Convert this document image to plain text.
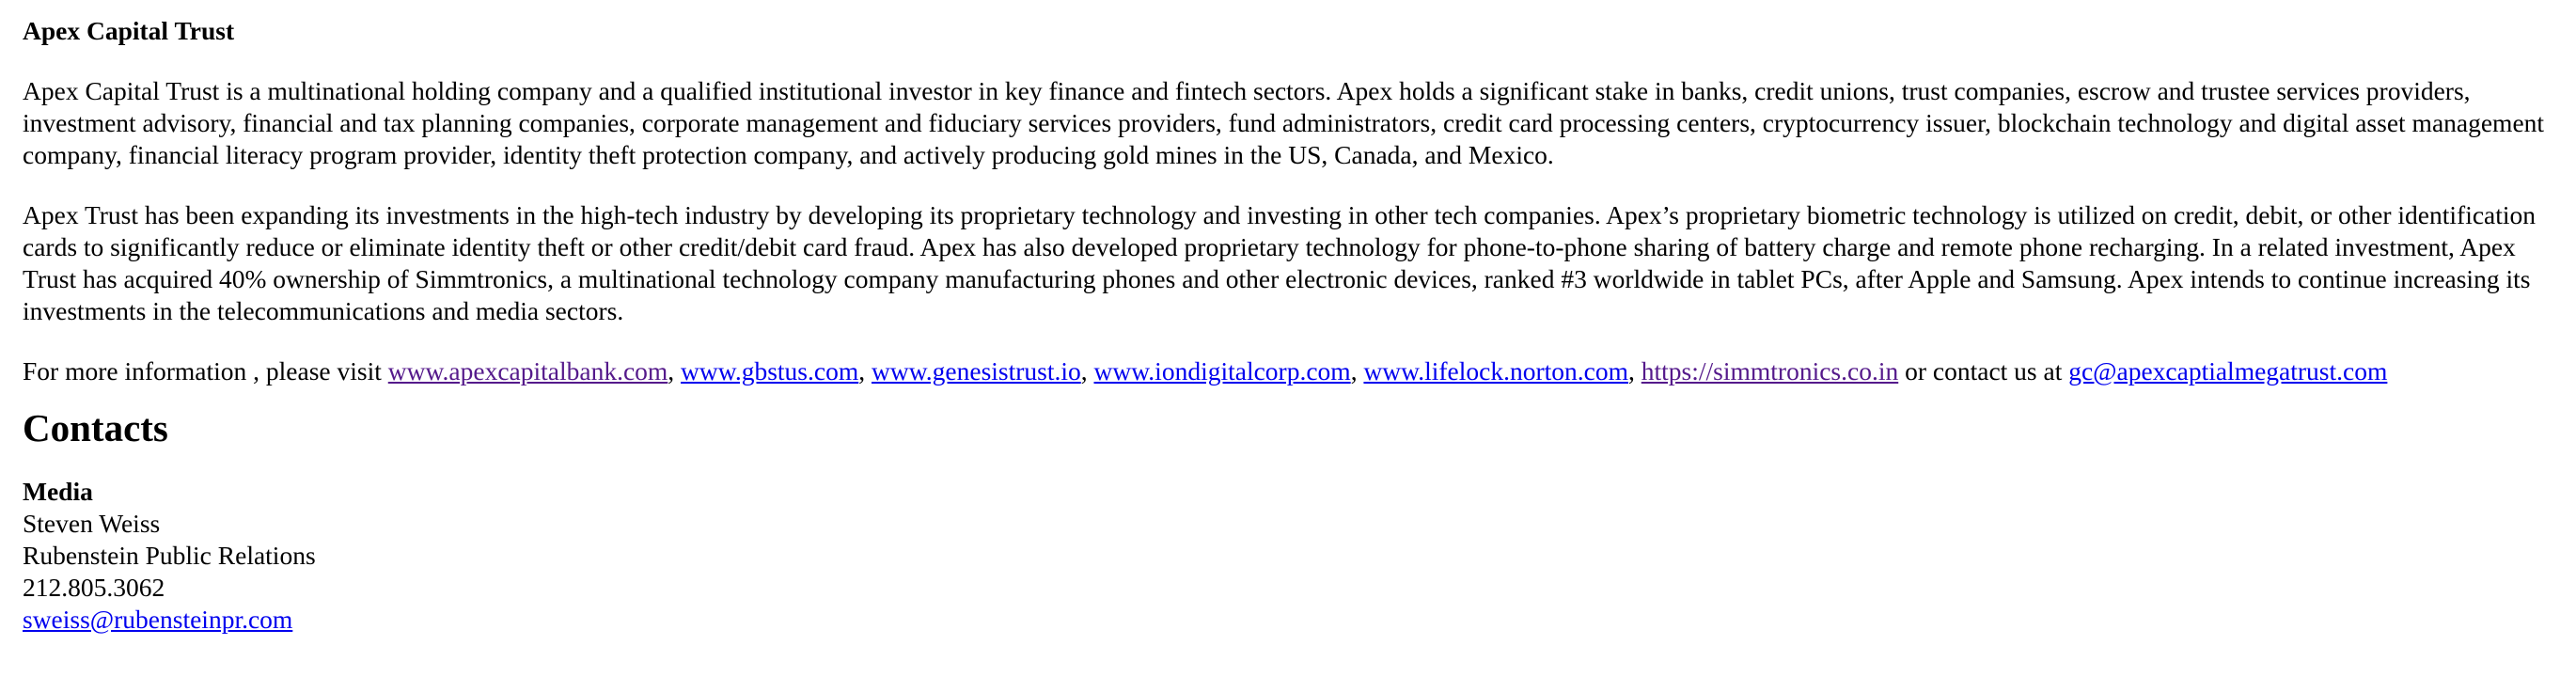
Apex Capital Trust

Apex Capital Trust is a multinational holding company and a qualified institutional investor in key finance and fintech sectors. Apex holds a significant stake in banks, credit unions, trust companies, escrow and trustee services providers, investment advisory, financial and tax planning companies, corporate management and fiduciary services providers, fund administrators, credit card processing centers, cryptocurrency issuer, blockchain technology and digital asset management company, financial literacy program provider, identity theft protection company, and actively producing gold mines in the US, Canada, and Mexico.

Apex Trust has been expanding its investments in the high-tech industry by developing its proprietary technology and investing in other tech companies. Apex’s proprietary biometric technology is utilized on credit, debit, or other identification cards to significantly reduce or eliminate identity theft or other credit/debit card fraud. Apex has also developed proprietary technology for phone-to-phone sharing of battery charge and remote phone recharging. In a related investment, Apex Trust has acquired 40% ownership of Simmtronics, a multinational technology company manufacturing phones and other electronic devices, ranked #3 worldwide in tablet PCs, after Apple and Samsung. Apex intends to continue increasing its investments in the telecommunications and media sectors.

For more information , please visit www.apexcapitalbank.com, www.gbstus.com, www.genesistrust.io, www.iondigitalcorp.com, www.lifelock.norton.com, https://simmtronics.co.in or contact us at gc@apexcaptialmegatrust.com

Contacts
Media
Steven Weiss
Rubenstein Public Relations
212.805.3062
sweiss@rubensteinpr.com
